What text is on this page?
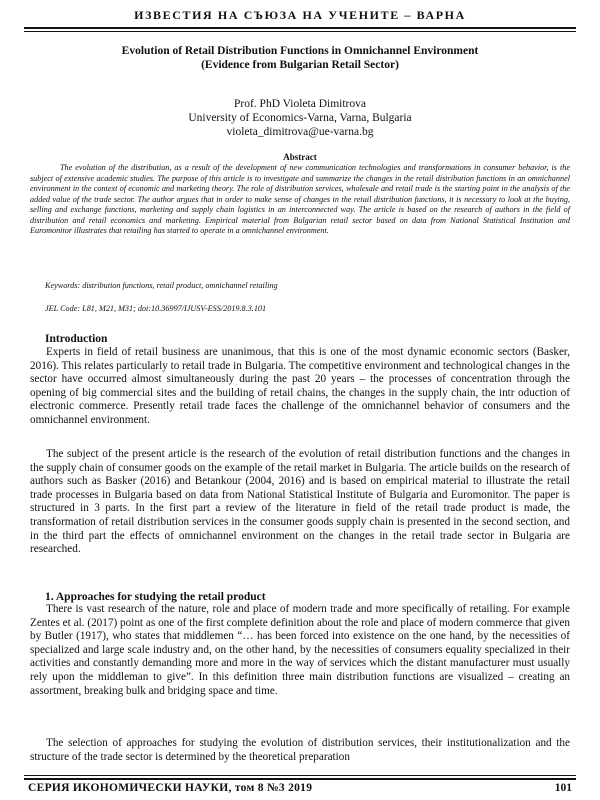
ИЗВЕСТИЯ НА СЪЮЗА НА УЧЕНИТЕ – ВАРНА
Evolution of Retail Distribution Functions in Omnichannel Environment
(Evidence from Bulgarian Retail Sector)
Prof. PhD Violeta Dimitrova
University of Economics-Varna, Varna, Bulgaria
violeta_dimitrova@ue-varna.bg
Abstract

The evolution of the distribution, as a result of the development of new communication technologies and transformations in consumer behavior, is the subject of extensive academic studies. The purpose of this article is to investigate and summarize the changes in the retail distribution functions in an omnichannel environment in the context of economic and marketing theory. The role of distribution services, wholesale and retail trade is the starting point in the analysis of the added value of the trade sector. The author argues that in order to make sense of changes in the retail distribution functions, it is necessary to look at the buying, selling and exchange functions, marketing and supply chain logistics in an interconnected way. The article is based on the research of authors in the field of distribution and retail economics and marketing. Empirical material from Bulgarian retail sector based on data from National Statistical Institution and Euromonitor illustrates that retailing has started to operate in a omnichannel environment.

Keywords: distribution functions, retail product, omnichannel retailing
JEL Code: L81, M21, M31; doi:10.36997/IJUSV-ESS/2019.8.3.101
Introduction

Experts in field of retail business are unanimous, that this is one of the most dynamic economic sectors (Basker, 2016). This relates particularly to retail trade in Bulgaria. The competitive environment and technological changes in the sector have occurred almost simultaneously during the past 20 years – the processes of concentration through the opening of big commercial sites and the building of retail chains, the changes in the supply chain, the intr oduction of electronic commerce. Presently retail trade faces the challenge of the omnichannel behavior of consumers and the omnichannel environment.

The subject of the present article is the research of the evolution of retail distribution functions and the changes in the supply chain of consumer goods on the example of the retail market in Bulgaria. The article builds on the research of authors such as Basker (2016) and Betankour (2004, 2016) and is based on empirical material to illustrate the retail trade processes in Bulgaria based on data from National Statistical Institute of Bulgaria and Euromonitor. The paper is structured in 3 parts. In the first part a review of the literature in field of the retail trade product is made, the transformation of retail distribution services in the consumer goods supply chain is presented in the second section, and in the third part the effects of omnichannel environment on the changes in the retail trade sector in Bulgaria are researched.

1. Approaches for studying the retail product

There is vast research of the nature, role and place of modern trade and more specifically of retailing. For example Zentes et al. (2017) point as one of the first complete definition about the role and place of modern commerce that given by Butler (1917), who states that middlemen “… has been forced into existence on the one hand, by the necessities of specialized and large scale industry and, on the other hand, by the necessities of consumers equality specialized in their activities and constantly demanding more and more in the way of services which the distant manufacturer must usually rely upon the middleman to give”. In this definition three main distribution functions are visualized – creating an assortment, breaking bulk and bridging space and time.

The selection of approaches for studying the evolution of distribution services, their institutionalization and the structure of the trade sector is determined by the theoretical preparation

СЕРИЯ ИКОНОМИЧЕСКИ НАУКИ, том 8 №3 2019	101
